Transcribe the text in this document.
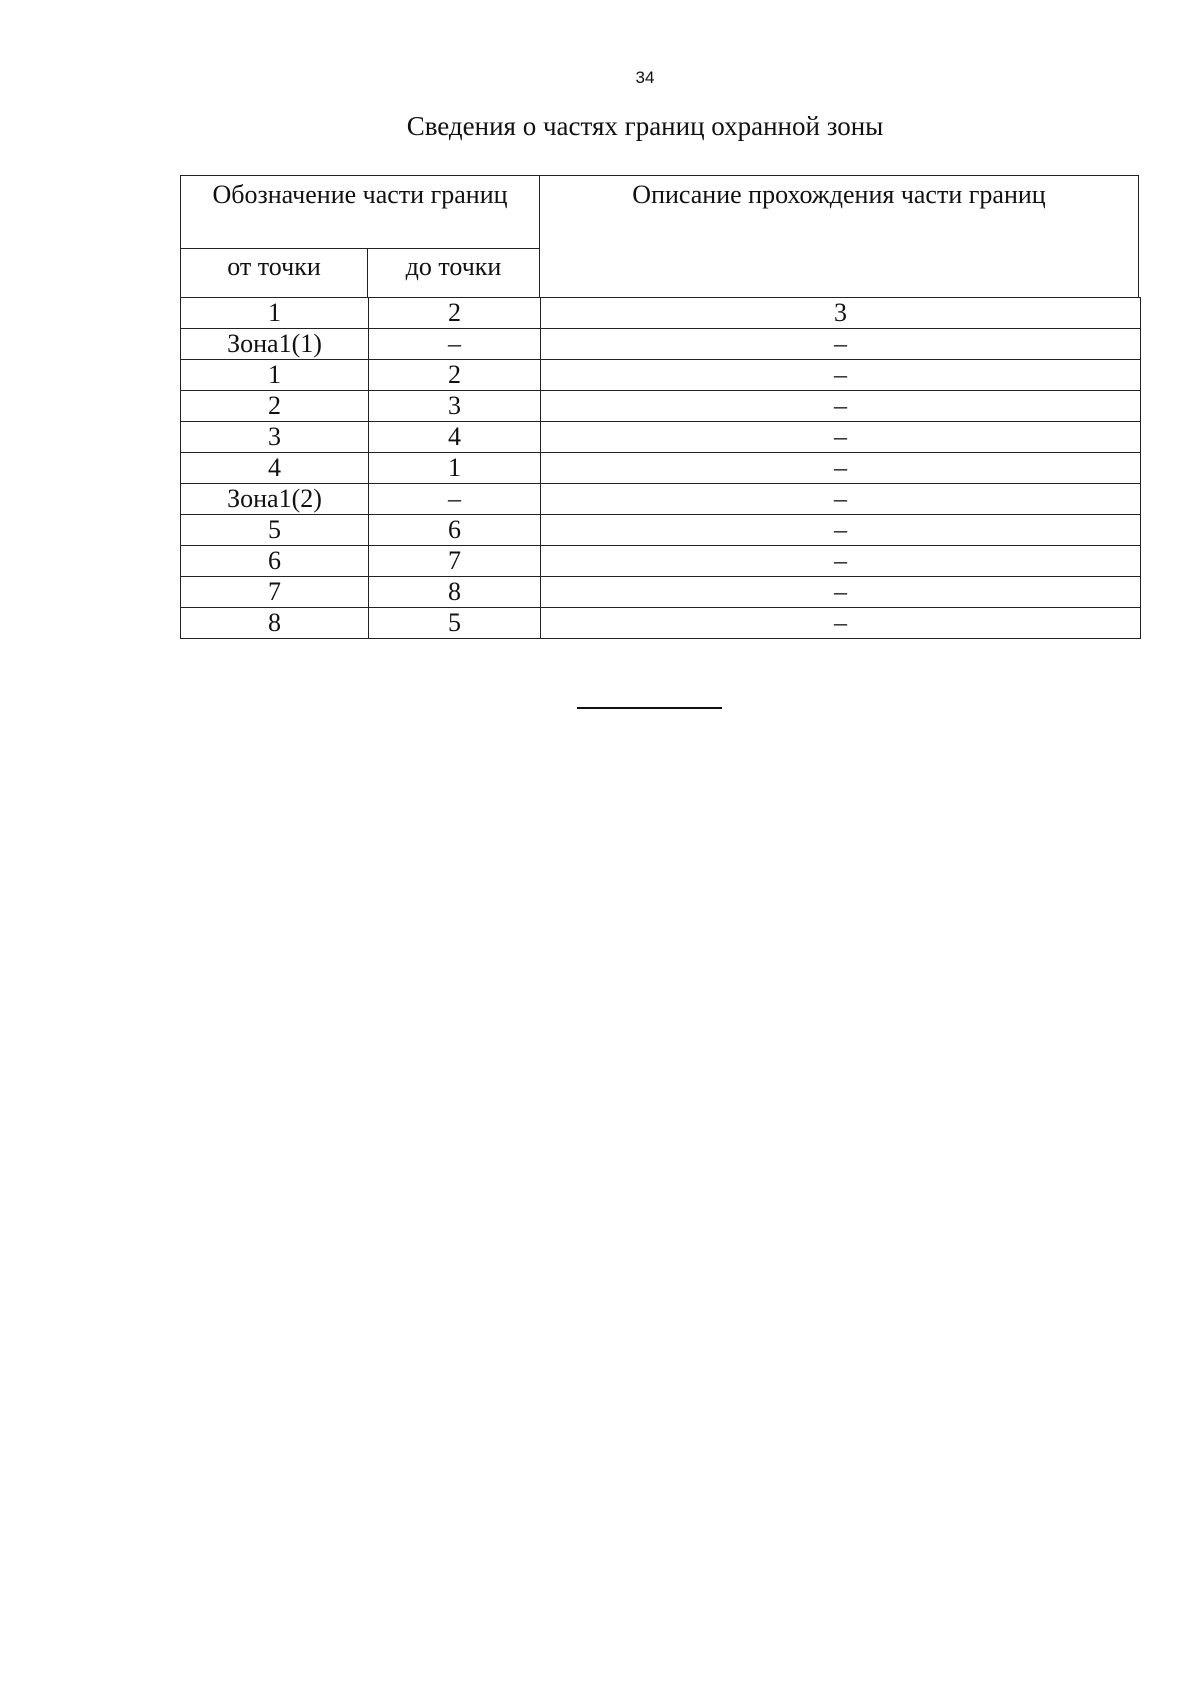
34
Сведения о частях границ охранной зоны
Обозначение части границ		Описание прохождения части границ
от точки	до точки	
1	2	3
Зона1(1)	–	–
1	2	–
2	3	–
3	4	–
4	1	–
Зона1(2)	–	–
5	6	–
6	7	–
7	8	–
8	5	–
